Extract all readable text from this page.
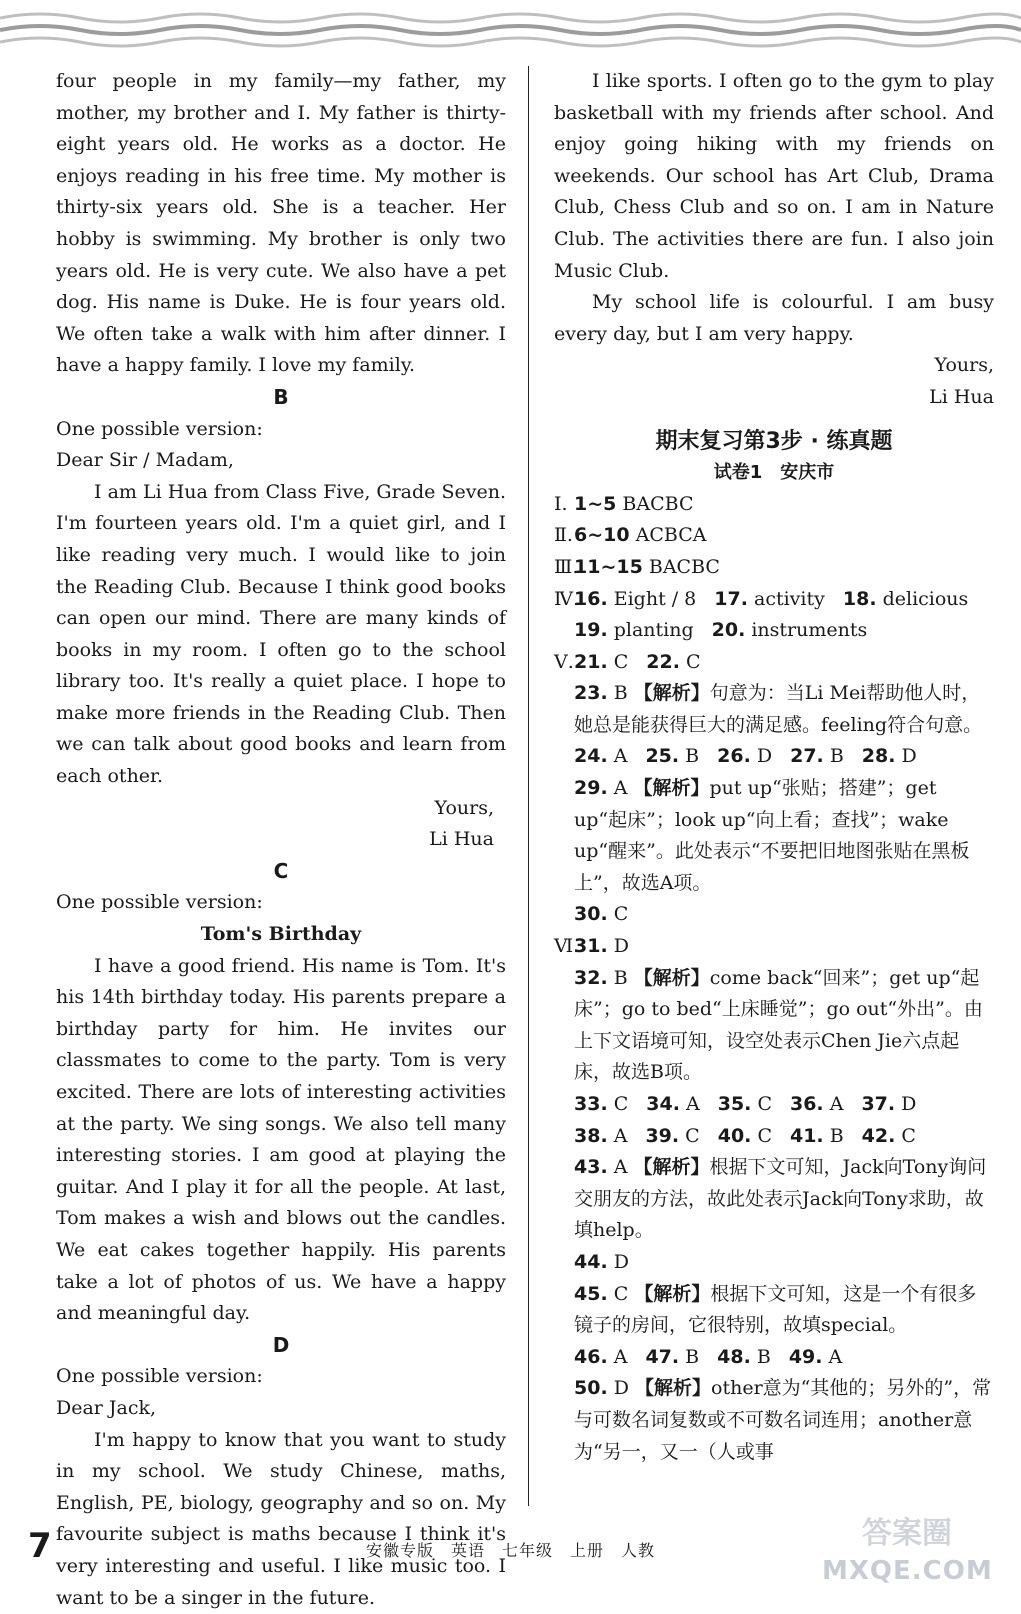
four people in my family—my father, my mother, my brother and I. My father is thirty-eight years old. He works as a doctor. He enjoys reading in his free time. My mother is thirty-six years old. She is a teacher. Her hobby is swimming. My brother is only two years old. He is very cute. We also have a pet dog. His name is Duke. He is four years old. We often take a walk with him after dinner. I have a happy family. I love my family.

B

One possible version:

Dear Sir / Madam,

I am Li Hua from Class Five, Grade Seven. I'm fourteen years old. I'm a quiet girl, and I like reading very much. I would like to join the Reading Club. Because I think good books can open our mind. There are many kinds of books in my room. I often go to the school library too. It's really a quiet place. I hope to make more friends in the Reading Club. Then we can talk about good books and learn from each other.

Yours,

Li Hua

C

One possible version:

Tom's Birthday

I have a good friend. His name is Tom. It's his 14th birthday today. His parents prepare a birthday party for him. He invites our classmates to come to the party. Tom is very excited. There are lots of interesting activities at the party. We sing songs. We also tell many interesting stories. I am good at playing the guitar. And I play it for all the people. At last, Tom makes a wish and blows out the candles. We eat cakes together happily. His parents take a lot of photos of us. We have a happy and meaningful day.

D

One possible version:

Dear Jack,

I'm happy to know that you want to study in my school. We study Chinese, maths, English, PE, biology, geography and so on. My favourite subject is maths because I think it's very interesting and useful. I like music too. I want to be a singer in the future.

I like sports. I often go to the gym to play basketball with my friends after school. And enjoy going hiking with my friends on weekends. Our school has Art Club, Drama Club, Chess Club and so on. I am in Nature Club. The activities there are fun. I also join Music Club.

My school life is colourful. I am busy every day, but I am very happy.

Yours,

Li Hua

期末复习第3步 · 练真题

试卷1　安庆市

Ⅰ. 1~5 BACBC

Ⅱ.6~10 ACBCA

Ⅲ.11~15 BACBC

Ⅳ.16. Eight / 8 17. activity 18. delicious

19. planting 20. instruments

Ⅴ.21. C 22. C

23. B 【解析】句意为：当Li Mei帮助他人时，她总是能获得巨大的满足感。feeling符合句意。

24. A 25. B 26. D 27. B 28. D

29. A 【解析】put up“张贴；搭建”；get up“起床”；look up“向上看；查找”；wake up“醒来”。此处表示“不要把旧地图张贴在黑板上”，故选A项。

30. C

Ⅵ.31. D

32. B 【解析】come back“回来”；get up“起床”；go to bed“上床睡觉”；go out“外出”。由上下文语境可知，设空处表示Chen Jie六点起床，故选B项。

33. C 34. A 35. C 36. A 37. D

38. A 39. C 40. C 41. B 42. C

43. A 【解析】根据下文可知，Jack向Tony询问交朋友的方法，故此处表示Jack向Tony求助，故填help。

44. D

45. C 【解析】根据下文可知，这是一个有很多镜子的房间，它很特别，故填special。

46. A 47. B 48. B 49. A

50. D 【解析】other意为“其他的；另外的”，常与可数名词复数或不可数名词连用；another意为“另一，又一（人或事

7	安徽专版　英语　七年级　上册　人教	答案圈
MXQE.COM
